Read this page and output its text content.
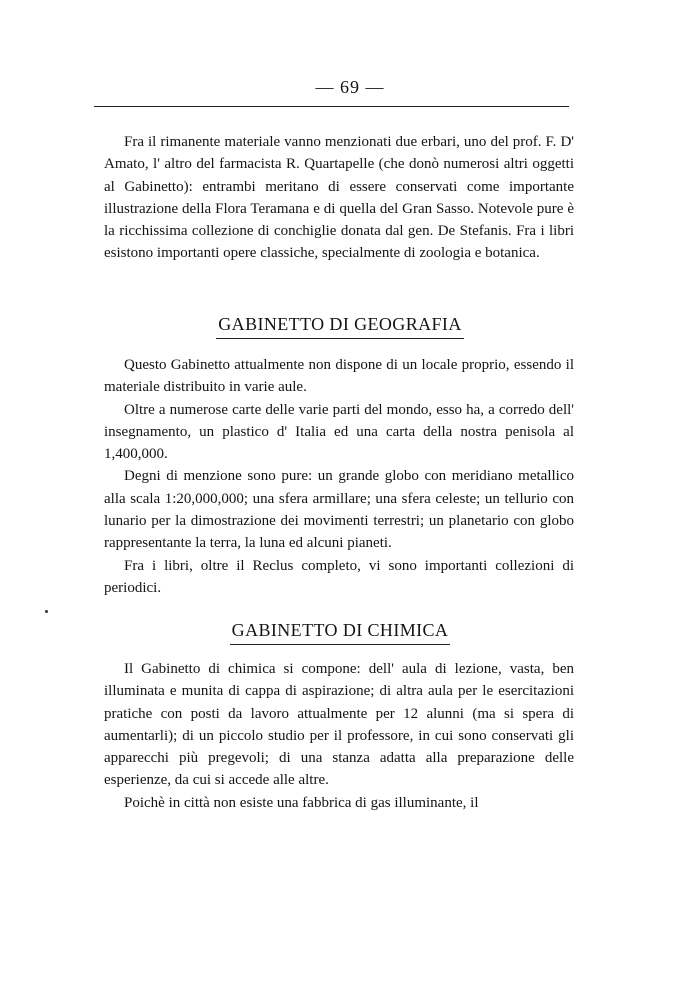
— 69 —

Fra il rimanente materiale vanno menzionati due erbari, uno del prof. F. D' Amato, l' altro del farmacista R. Quartapelle (che donò numerosi altri oggetti al Gabinetto): entrambi meritano di essere conservati come importante illustrazione della Flora Teramana e di quella del Gran Sasso. Notevole pure è la ricchissima collezione di conchiglie donata dal gen. De Stefanis. Fra i libri esistono importanti opere classiche, specialmente di zoologia e botanica.

GABINETTO DI GEOGRAFIA

Questo Gabinetto attualmente non dispone di un locale proprio, essendo il materiale distribuito in varie aule.

Oltre a numerose carte delle varie parti del mondo, esso ha, a corredo dell' insegnamento, un plastico d' Italia ed una carta della nostra penisola al 1,400,000.

Degni di menzione sono pure: un grande globo con meridiano metallico alla scala 1:20,000,000; una sfera armillare; una sfera celeste; un tellurio con lunario per la dimostrazione dei movimenti terrestri; un planetario con globo rappresentante la terra, la luna ed alcuni pianeti.

Fra i libri, oltre il Reclus completo, vi sono importanti collezioni di periodici.

GABINETTO DI CHIMICA

Il Gabinetto di chimica si compone: dell' aula di lezione, vasta, ben illuminata e munita di cappa di aspirazione; di altra aula per le esercitazioni pratiche con posti da lavoro attualmente per 12 alunni (ma si spera di aumentarli); di un piccolo studio per il professore, in cui sono conservati gli apparecchi più pregevoli; di una stanza adatta alla preparazione delle esperienze, da cui si accede alle altre.

Poichè in città non esiste una fabbrica di gas illuminante, il
